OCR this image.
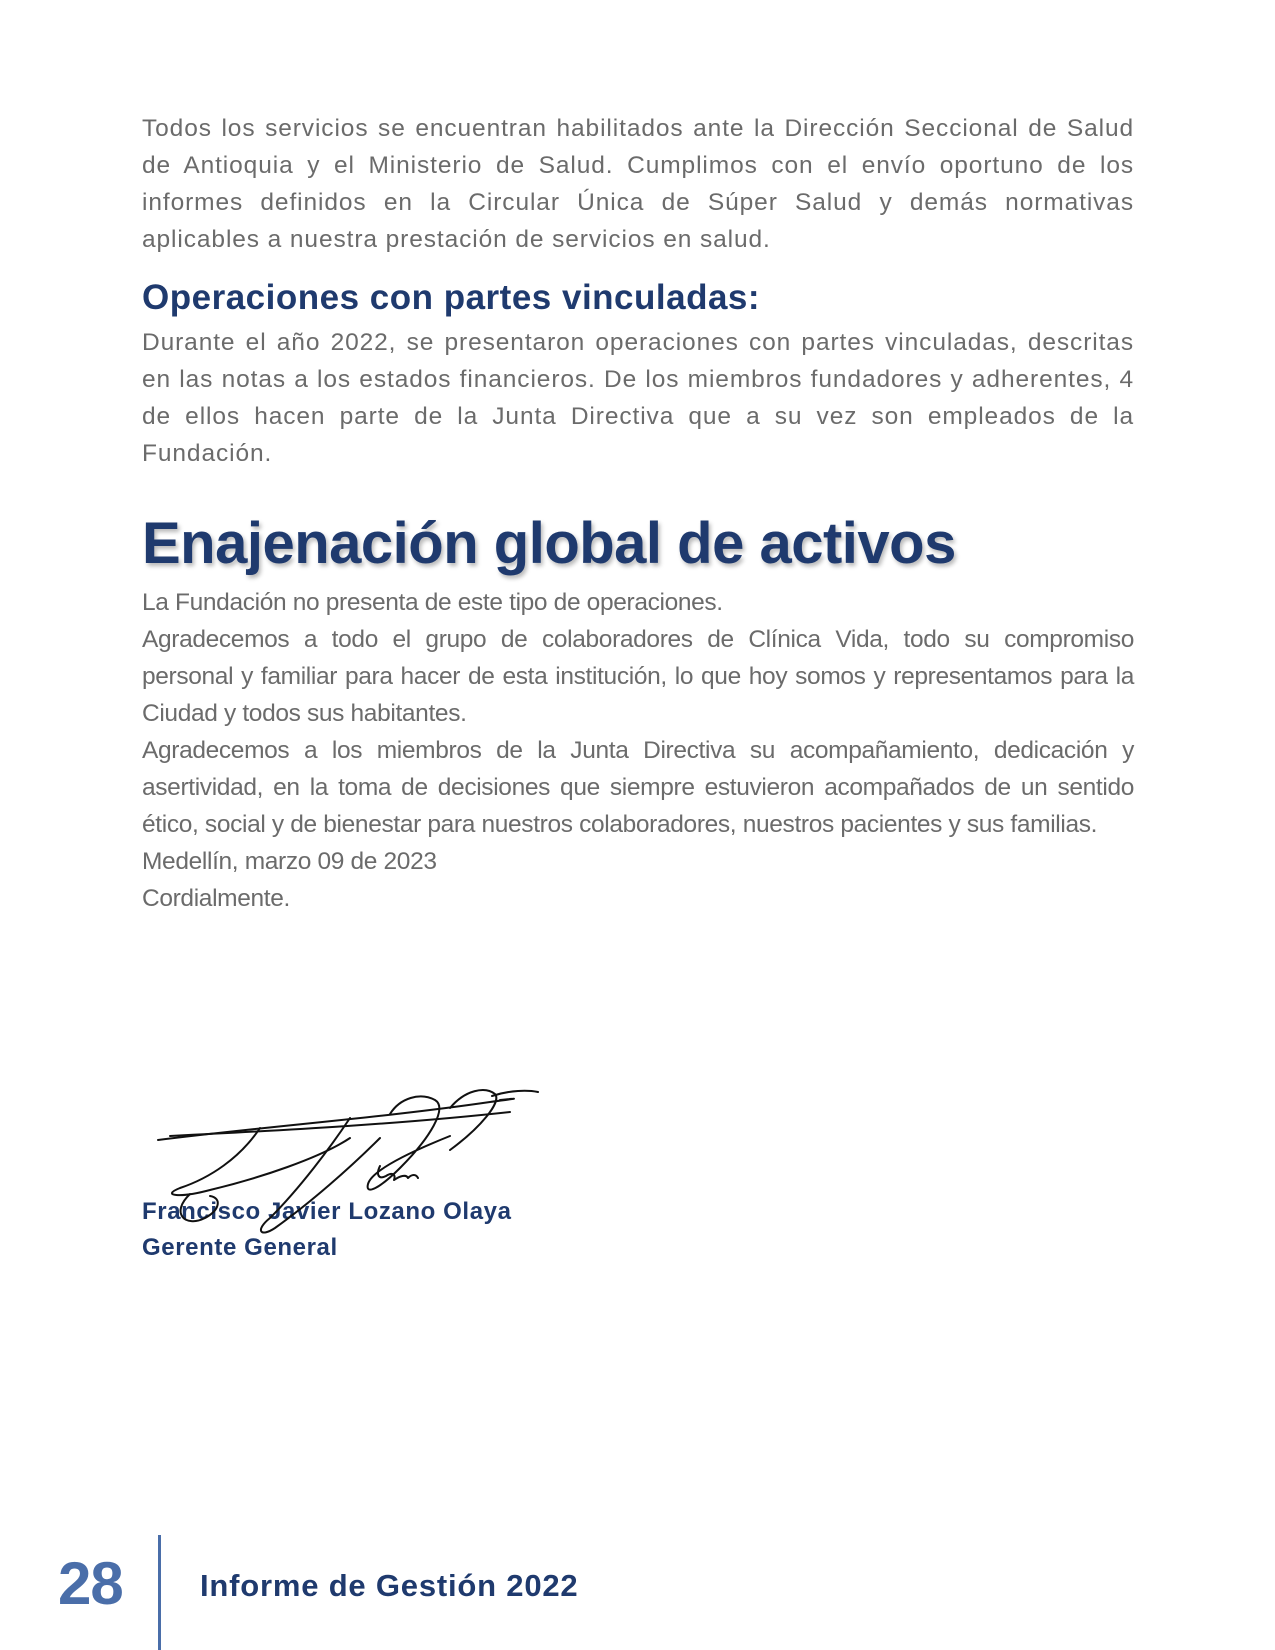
Todos los servicios se encuentran habilitados ante la Dirección Seccional de Salud de Antioquia y el Ministerio de Salud. Cumplimos con el envío oportuno de los informes definidos en la Circular Única de Súper Salud y demás normativas aplicables a nuestra prestación de servicios en salud.

Operaciones con partes vinculadas:

Durante el año 2022, se presentaron operaciones con partes vinculadas, descritas en las notas a los estados financieros. De los miembros fundadores y adherentes, 4 de ellos hacen parte de la Junta Directiva que a su vez son empleados de la Fundación.

Enajenación global de activos

La Fundación no presenta de este tipo de operaciones.

Agradecemos a todo el grupo de colaboradores de Clínica Vida, todo su compromiso personal y familiar para hacer de esta institución, lo que hoy somos y representamos para la Ciudad y todos sus habitantes.

Agradecemos a los miembros de la Junta Directiva su acompañamiento, dedicación y asertividad, en la toma de decisiones que siempre estuvieron acompañados de un sentido ético, social y de bienestar para nuestros colaboradores, nuestros pacientes y sus familias.

Medellín, marzo 09 de 2023

Cordialmente.

Francisco Javier Lozano Olaya

Gerente General

28 Informe de Gestión 2022
